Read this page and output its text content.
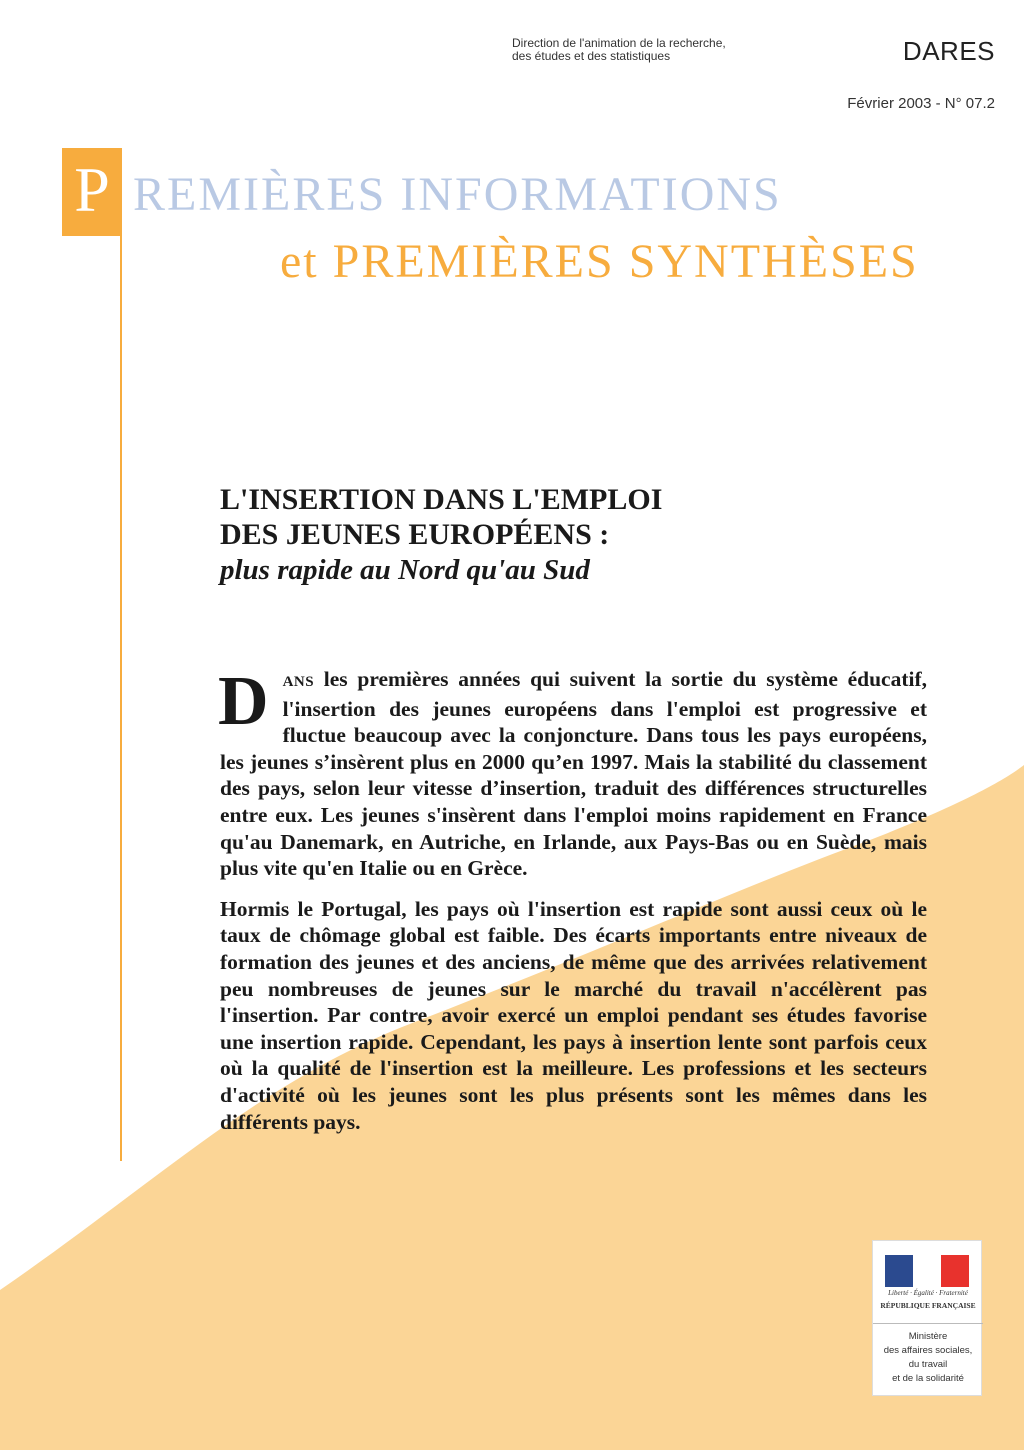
Direction de l'animation de la recherche,
des études et des statistiques	DARES
Février 2003 - N° 07.2
P REMIÈRES INFORMATIONS
et PREMIÈRES SYNTHÈSES
L'INSERTION DANS L'EMPLOI
DES JEUNES EUROPÉENS :
plus rapide au Nord qu'au Sud

DANS les premières années qui suivent la sortie du système éducatif, l'insertion des jeunes européens dans l'emploi est progressive et fluctue beaucoup avec la conjoncture. Dans tous les pays européens, les jeunes s’insèrent plus en 2000 qu’en 1997. Mais la stabilité du classement des pays, selon leur vitesse d’insertion, traduit des différences structurelles entre eux. Les jeunes s'insèrent dans l'emploi moins rapidement en France qu'au Danemark, en Autriche, en Irlande, aux Pays-Bas ou en Suède, mais plus vite qu'en Italie ou en Grèce.

Hormis le Portugal, les pays où l'insertion est rapide sont aussi ceux où le taux de chômage global est faible. Des écarts importants entre niveaux de formation des jeunes et des anciens, de même que des arrivées relativement peu nombreuses de jeunes sur le marché du travail n'accélèrent pas l'insertion. Par contre, avoir exercé un emploi pendant ses études favorise une insertion rapide. Cependant, les pays à insertion lente sont parfois ceux où la qualité de l'insertion est la meilleure. Les professions et les secteurs d'activité où les jeunes sont les plus présents sont les mêmes dans les différents pays.

Liberté · Égalité · Fraternité
RÉPUBLIQUE FRANÇAISE
Ministère
des affaires sociales,
du travail
et de la solidarité
